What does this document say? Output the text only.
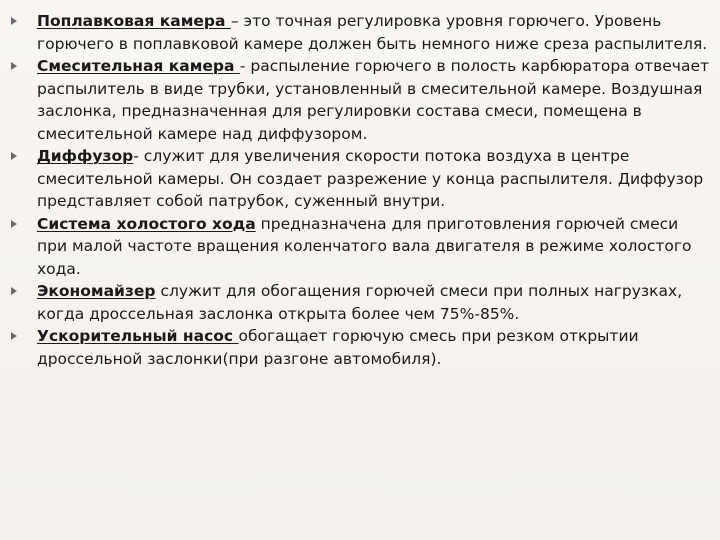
Поплавковая камера – это точная регулировка уровня горючего. Уровень горючего в поплавковой камере должен быть немного ниже среза распылителя.
Смесительная камера - распыление горючего в полость карбюратора отвечает распылитель в виде трубки, установленный в смесительной камере. Воздушная заслонка, предназначенная для регулировки состава смеси, помещена в смесительной камере над диффузором.
Диффузор- служит для увеличения скорости потока воздуха в центре смесительной камеры. Он создает разрежение у конца распылителя. Диффузор представляет собой патрубок, суженный внутри.
Система холостого хода предназначена для приготовления горючей смеси при малой частоте вращения коленчатого вала двигателя в режиме холостого хода.
Экономайзер служит для обогащения горючей смеси при полных нагрузках, когда дроссельная заслонка открыта более чем 75%-85%.
Ускорительный насос обогащает горючую смесь при резком открытии дроссельной заслонки(при разгоне автомобиля).
